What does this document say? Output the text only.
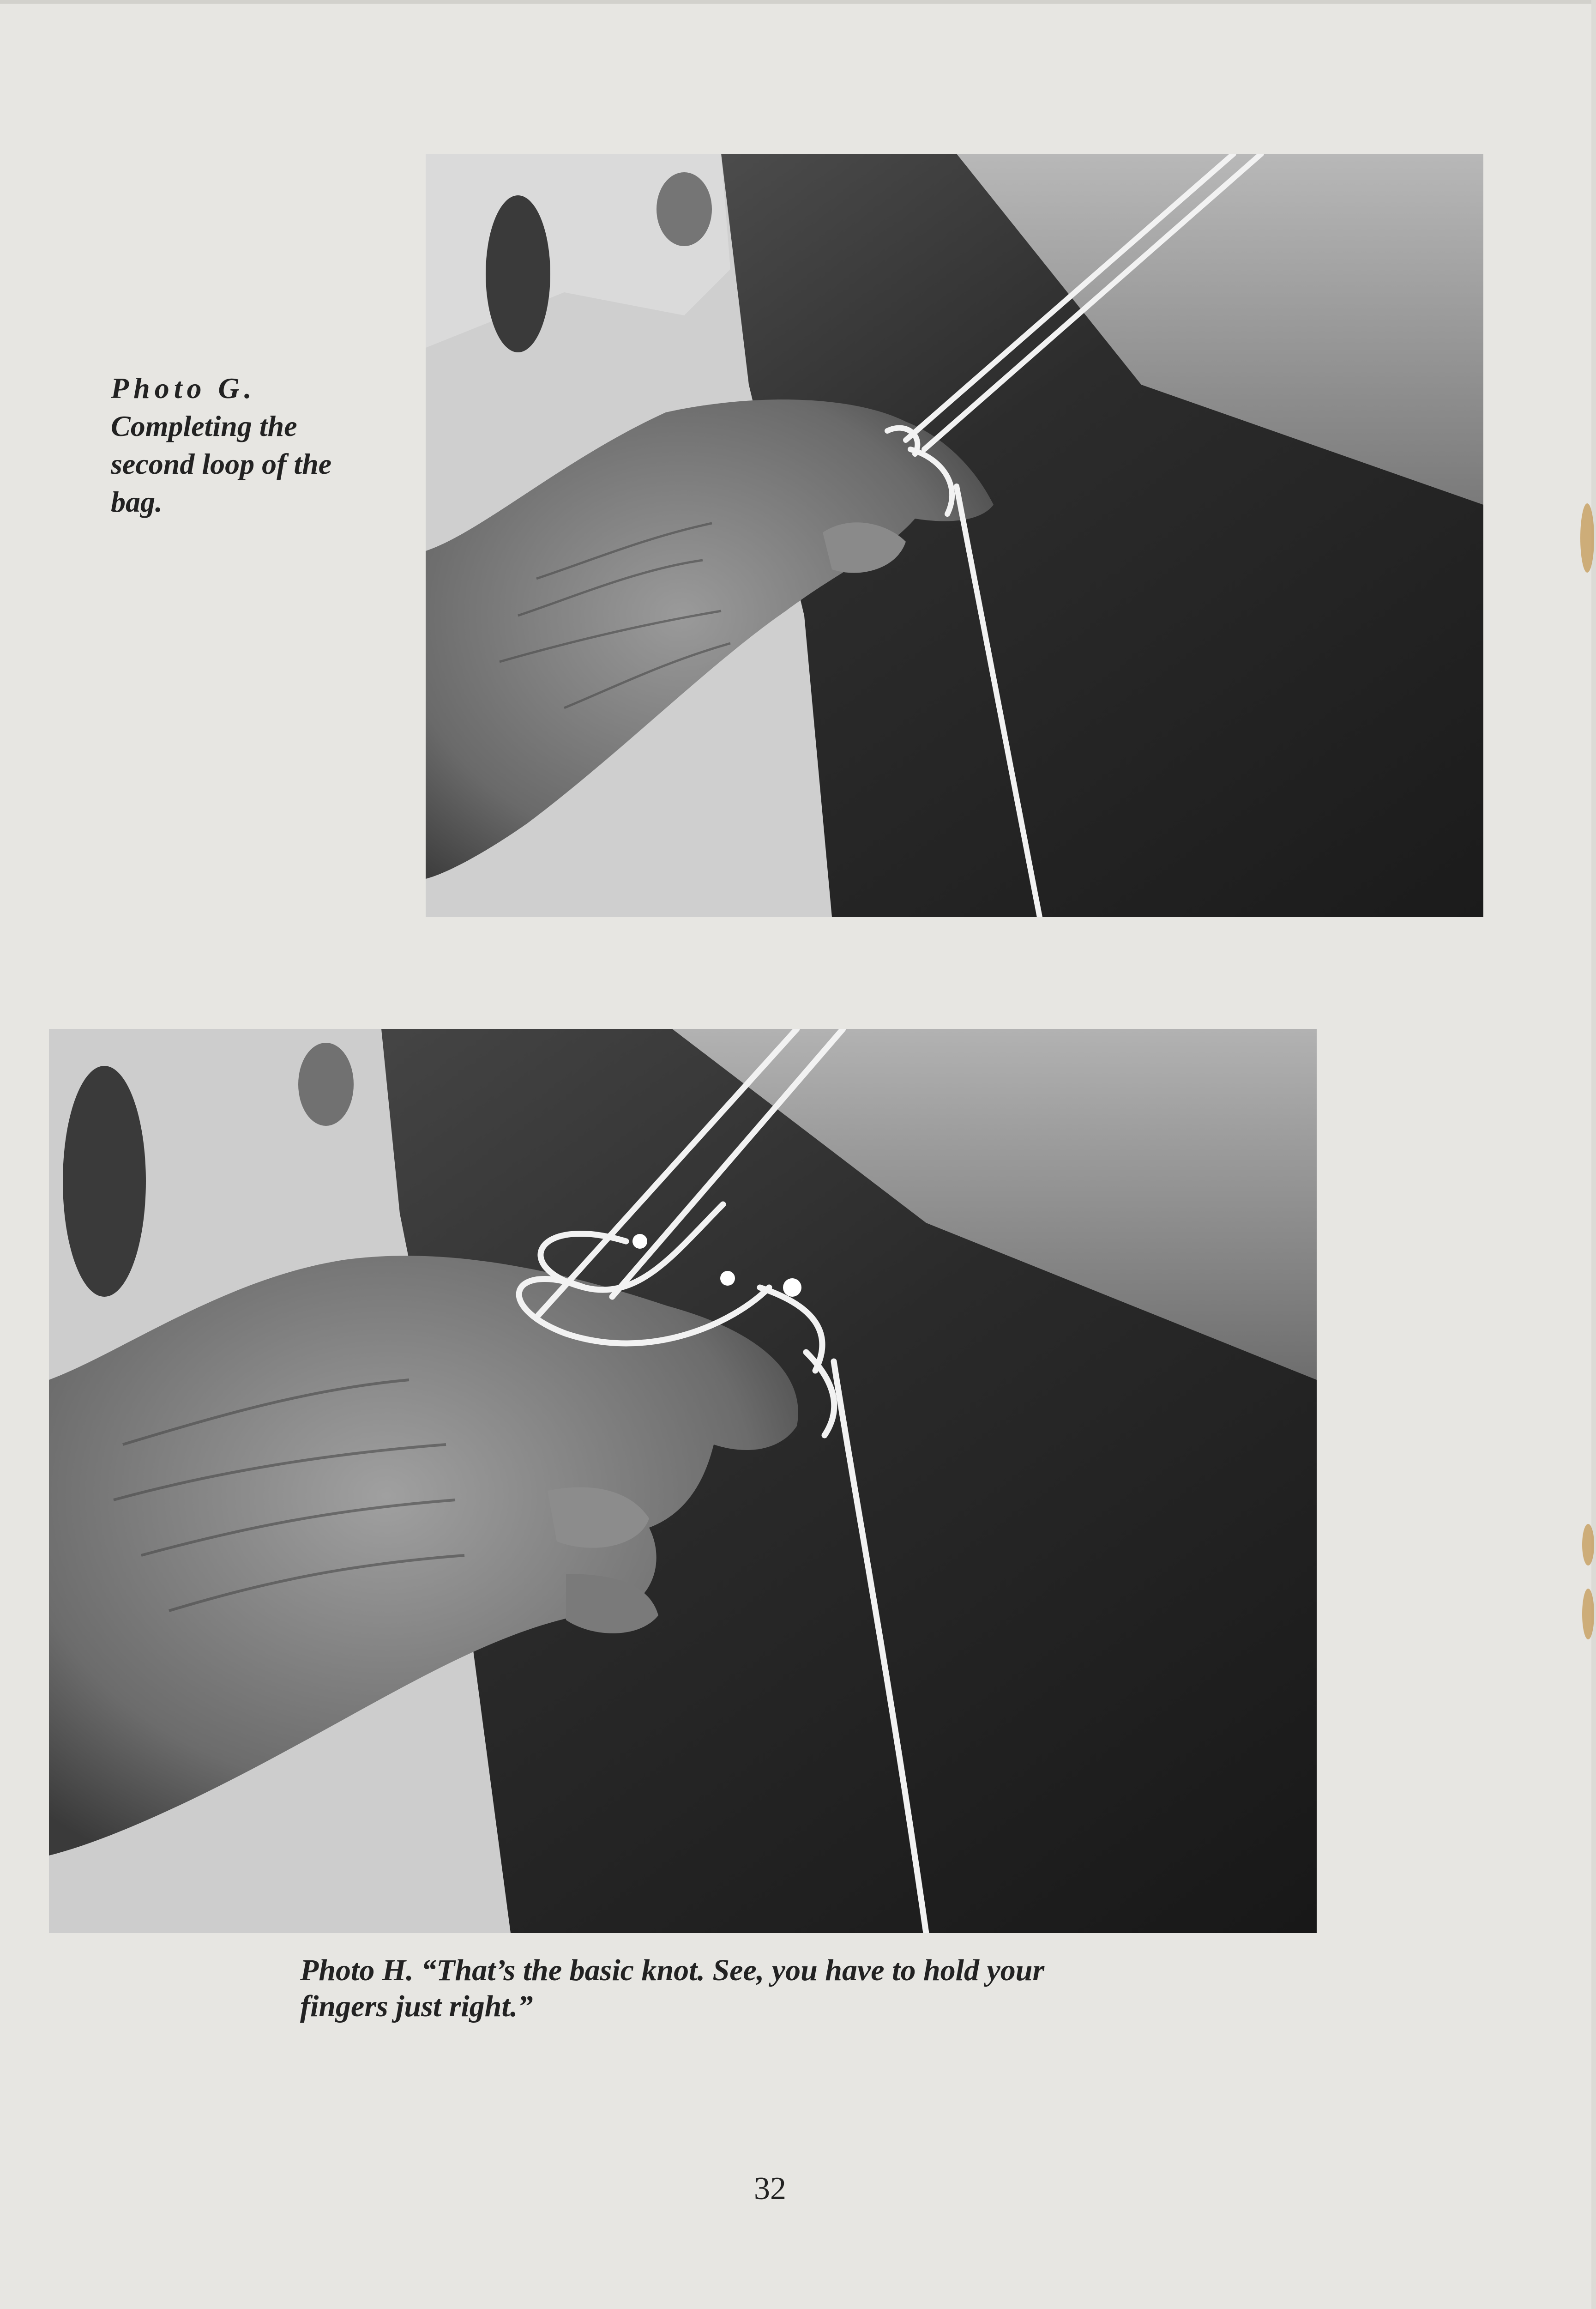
Photo G.
Completing the
second loop of the
bag.
Photo H. “That’s the basic knot. See, you have to hold your
fingers just right.”
32
